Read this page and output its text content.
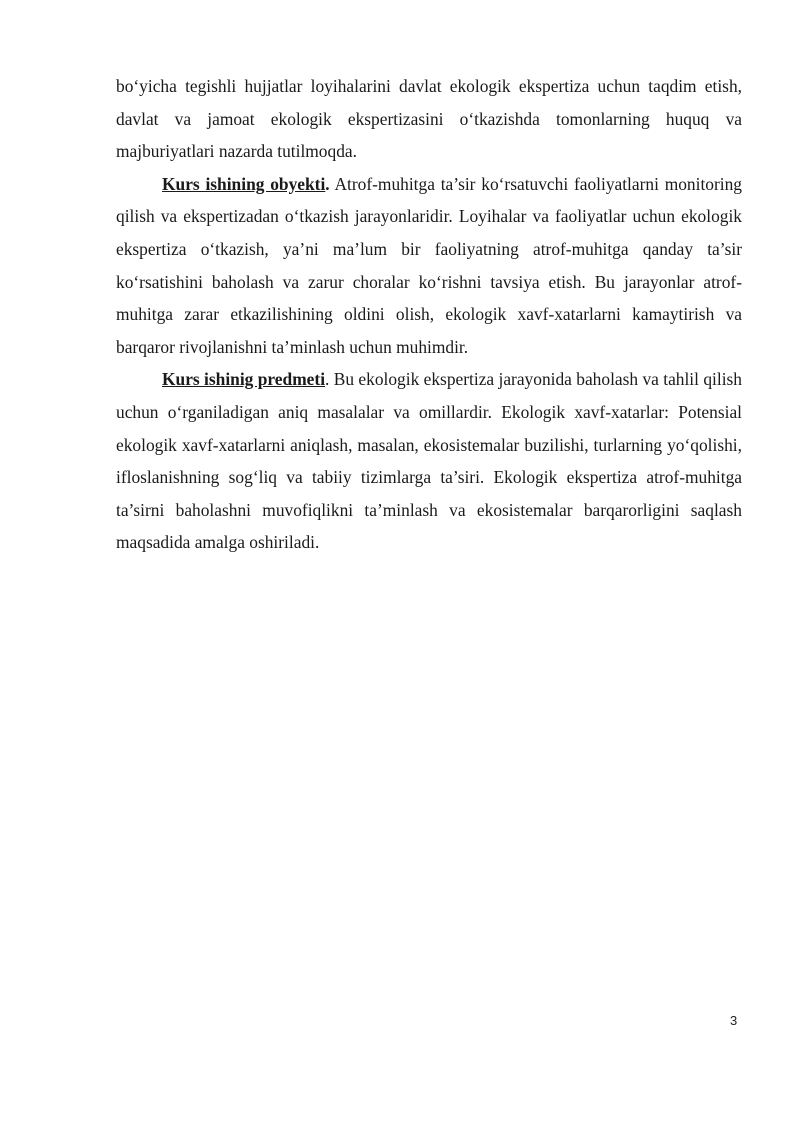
bo‘yicha tegishli hujjatlar loyihalarini davlat ekologik ekspertiza uchun taqdim etish, davlat va jamoat ekologik ekspertizasini o‘tkazishda tomonlarning huquq va majburiyatlari nazarda tutilmoqda.

Kurs ishining obyekti. Atrof-muhitga ta’sir ko‘rsatuvchi faoliyatlarni monitoring qilish va ekspertizadan o‘tkazish jarayonlaridir. Loyihalar va faoliyatlar uchun ekologik ekspertiza o‘tkazish, ya’ni ma’lum bir faoliyatning atrof-muhitga qanday ta’sir ko‘rsatishini baholash va zarur choralar ko‘rishni tavsiya etish. Bu jarayonlar atrof-muhitga zarar etkazilishining oldini olish, ekologik xavf-xatarlarni kamaytirish va barqaror rivojlanishni ta’minlash uchun muhimdir.

Kurs ishinig predmeti. Bu ekologik ekspertiza jarayonida baholash va tahlil qilish uchun o‘rganiladigan aniq masalalar va omillardir. Ekologik xavf-xatarlar: Potensial ekologik xavf-xatarlarni aniqlash, masalan, ekosistemalar buzilishi, turlarning yo‘qolishi, ifloslanishning sog‘liq va tabiiy tizimlarga ta’siri. Ekologik ekspertiza atrof-muhitga ta’sirni baholashni muvofiqlikni ta’minlash va ekosistemalar barqarorligini saqlash maqsadida amalga oshiriladi.

3
